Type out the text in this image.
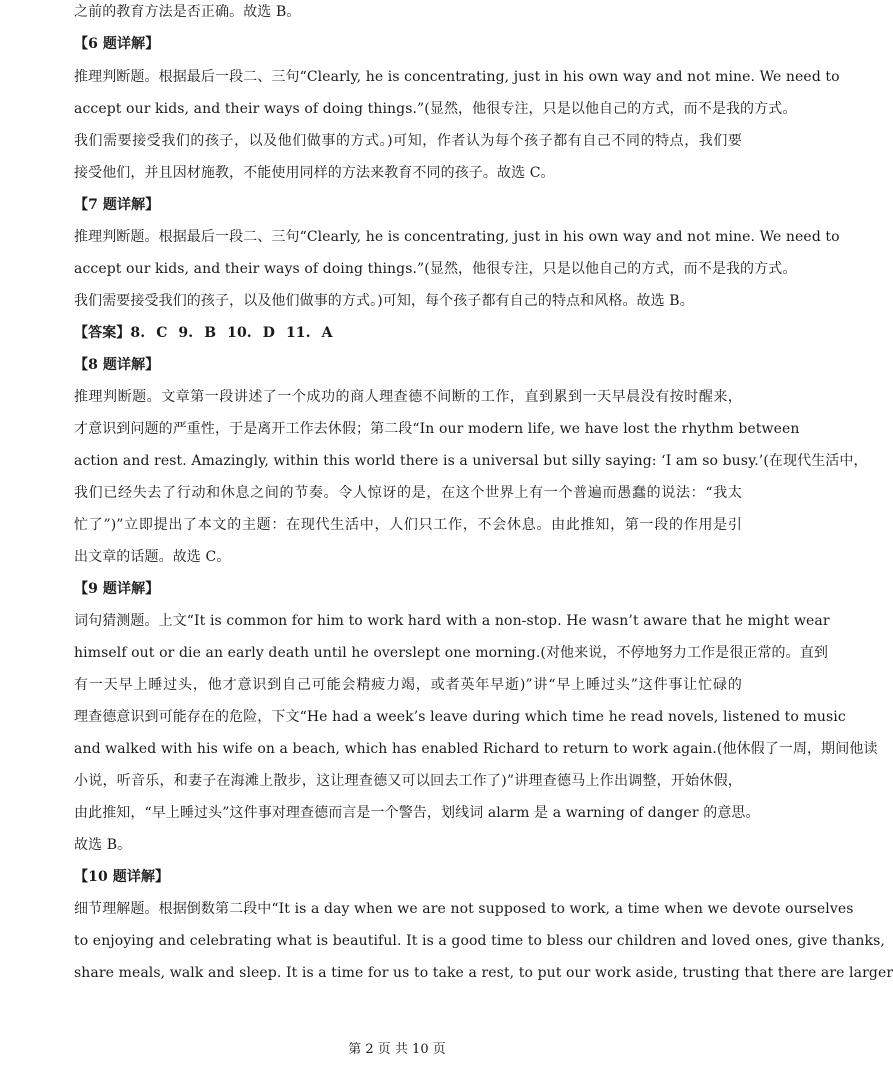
之前的教育方法是否正确。故选 B。
【6 题详解】
推理判断题。根据最后一段二、三句“Clearly, he is concentrating, just in his own way and not mine. We need to
accept our kids, and their ways of doing things.”(显然，他很专注，只是以他自己的方式，而不是我的方式。
我们需要接受我们的孩子，以及他们做事的方式。)可知，作者认为每个孩子都有自己不同的特点，我们要
接受他们，并且因材施教，不能使用同样的方法来教育不同的孩子。故选 C。
【7 题详解】
推理判断题。根据最后一段二、三句“Clearly, he is concentrating, just in his own way and not mine. We need to
accept our kids, and their ways of doing things.”(显然，他很专注，只是以他自己的方式，而不是我的方式。
我们需要接受我们的孩子，以及他们做事的方式。)可知，每个孩子都有自己的特点和风格。故选 B。
【答案】8. C 9. B 10. D 11. A
【8 题详解】
推理判断题。文章第一段讲述了一个成功的商人理查德不间断的工作，直到累到一天早晨没有按时醒来，
才意识到问题的严重性，于是离开工作去休假；第二段“In our modern life, we have lost the rhythm between
action and rest. Amazingly, within this world there is a universal but silly saying: ‘I am so busy.’(在现代生活中，
我们已经失去了行动和休息之间的节奏。令人惊讶的是，在这个世界上有一个普遍而愚蠢的说法：“我太
忙了”)”立即提出了本文的主题：在现代生活中，人们只工作，不会休息。由此推知，第一段的作用是引
出文章的话题。故选 C。
【9 题详解】
词句猜测题。上文“It is common for him to work hard with a non-stop. He wasn’t aware that he might wear
himself out or die an early death until he overslept one morning.(对他来说，不停地努力工作是很正常的。直到
有一天早上睡过头，他才意识到自己可能会精疲力竭，或者英年早逝)”讲“早上睡过头”这件事让忙碌的
理查德意识到可能存在的危险，下文“He had a week’s leave during which time he read novels, listened to music
and walked with his wife on a beach, which has enabled Richard to return to work again.(他休假了一周，期间他读
小说，听音乐，和妻子在海滩上散步，这让理查德又可以回去工作了)”讲理查德马上作出调整，开始休假，
由此推知，“早上睡过头”这件事对理查德而言是一个警告，划线词 alarm 是 a warning of danger 的意思。
故选 B。
【10 题详解】
细节理解题。根据倒数第二段中“It is a day when we are not supposed to work, a time when we devote ourselves
to enjoying and celebrating what is beautiful. It is a good time to bless our children and loved ones, give thanks,
share meals, walk and sleep. It is a time for us to take a rest, to put our work aside, trusting that there are larger
第 2 页 共 10 页
